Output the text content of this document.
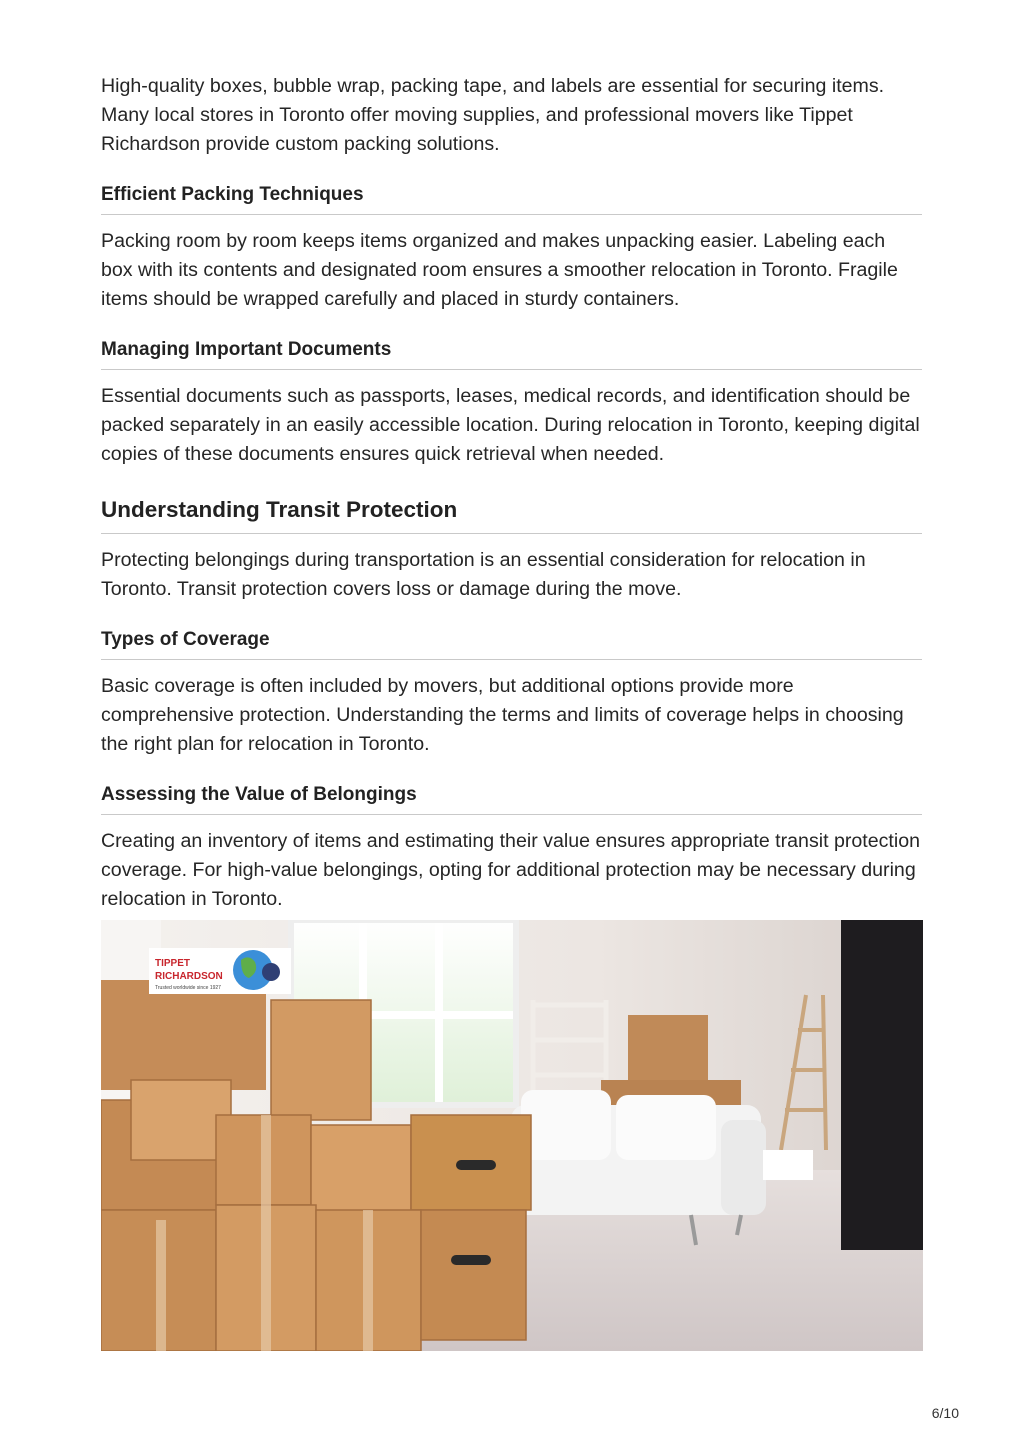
High-quality boxes, bubble wrap, packing tape, and labels are essential for securing items. Many local stores in Toronto offer moving supplies, and professional movers like Tippet Richardson provide custom packing solutions.

Efficient Packing Techniques

Packing room by room keeps items organized and makes unpacking easier. Labeling each box with its contents and designated room ensures a smoother relocation in Toronto. Fragile items should be wrapped carefully and placed in sturdy containers.

Managing Important Documents

Essential documents such as passports, leases, medical records, and identification should be packed separately in an easily accessible location. During relocation in Toronto, keeping digital copies of these documents ensures quick retrieval when needed.

Understanding Transit Protection

Protecting belongings during transportation is an essential consideration for relocation in Toronto. Transit protection covers loss or damage during the move.

Types of Coverage

Basic coverage is often included by movers, but additional options provide more comprehensive protection. Understanding the terms and limits of coverage helps in choosing the right plan for relocation in Toronto.

Assessing the Value of Belongings

Creating an inventory of items and estimating their value ensures appropriate transit protection coverage. For high-value belongings, opting for additional protection may be necessary during relocation in Toronto.

TIPPET
RICHARDSON
Trusted worldwide since 1927
6/10
